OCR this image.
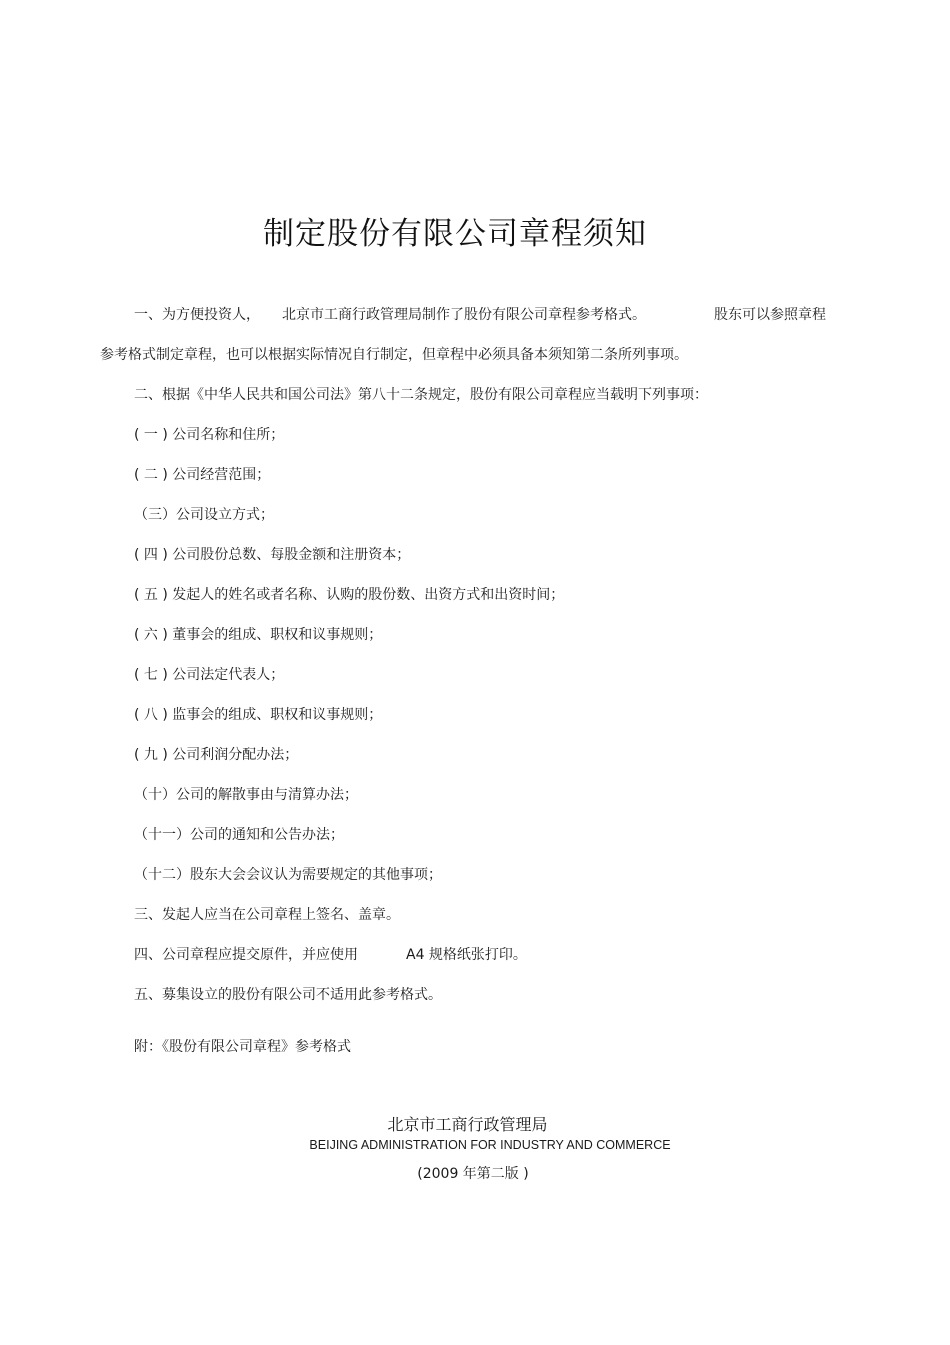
制定股份有限公司章程须知
一、为方便投资人， 北京市工商行政管理局制作了股份有限公司章程参考格式。	股东可以参照章程
参考格式制定章程，也可以根据实际情况自行制定，但章程中必须具备本须知第二条所列事项。
二、根据《中华人民共和国公司法》第八十二条规定，股份有限公司章程应当载明下列事项：
( 一 ) 公司名称和住所；
( 二 ) 公司经营范围；
（三）公司设立方式；
( 四 ) 公司股份总数、每股金额和注册资本；
( 五 ) 发起人的姓名或者名称、认购的股份数、出资方式和出资时间；
( 六 ) 董事会的组成、职权和议事规则；
( 七 ) 公司法定代表人；
( 八 ) 监事会的组成、职权和议事规则；
( 九 ) 公司利润分配办法；
（十）公司的解散事由与清算办法；
（十一）公司的通知和公告办法；
（十二）股东大会会议认为需要规定的其他事项；
三、发起人应当在公司章程上签名、盖章。
四、公司章程应提交原件，并应使用	A4 规格纸张打印。
五、募集设立的股份有限公司不适用此参考格式。
附：《股份有限公司章程》参考格式
北京市工商行政管理局
BEIJING ADMINISTRATION FOR INDUSTRY AND COMMERCE
(2009 年第二版 )
